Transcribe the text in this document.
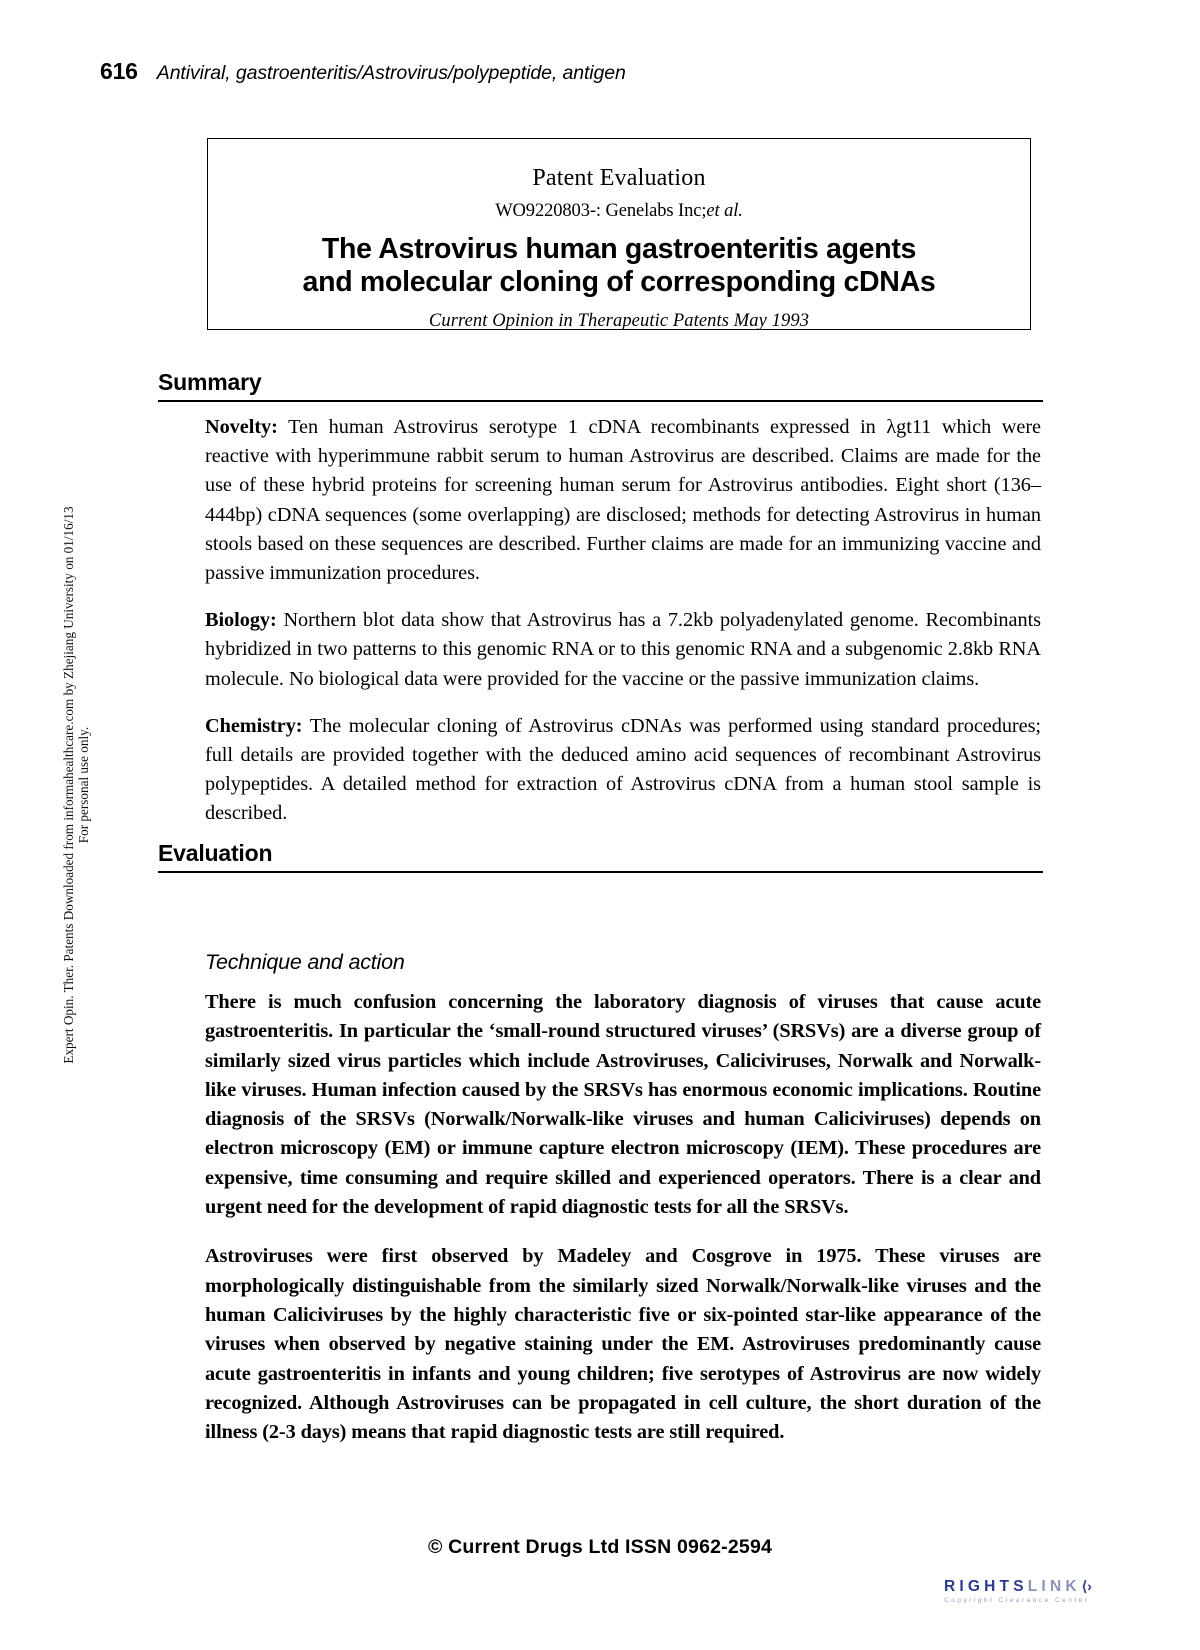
616 Antiviral, gastroenteritis/Astrovirus/polypeptide, antigen
Expert Opin. Ther. Patents Downloaded from informahealthcare.com by Zhejiang University on 01/16/13 For personal use only.
Patent Evaluation
WO9220803-: Genelabs Inc;et al.
The Astrovirus human gastroenteritis agents
and molecular cloning of corresponding cDNAs
Current Opinion in Therapeutic Patents May 1993
Summary

Novelty: Ten human Astrovirus serotype 1 cDNA recombinants expressed in λgt11 which were reactive with hyperimmune rabbit serum to human Astrovirus are described. Claims are made for the use of these hybrid proteins for screening human serum for Astrovirus antibodies. Eight short (136–444bp) cDNA sequences (some overlapping) are disclosed; methods for detecting Astrovirus in human stools based on these sequences are described. Further claims are made for an immunizing vaccine and passive immunization procedures.

Biology: Northern blot data show that Astrovirus has a 7.2kb polyadenylated genome. Recombinants hybridized in two patterns to this genomic RNA or to this genomic RNA and a subgenomic 2.8kb RNA molecule. No biological data were provided for the vaccine or the passive immunization claims.

Chemistry: The molecular cloning of Astrovirus cDNAs was performed using standard procedures; full details are provided together with the deduced amino acid sequences of recombinant Astrovirus polypeptides. A detailed method for extraction of Astrovirus cDNA from a human stool sample is described.

Evaluation
Technique and action

There is much confusion concerning the laboratory diagnosis of viruses that cause acute gastroenteritis. In particular the ‘small-round structured viruses’ (SRSVs) are a diverse group of similarly sized virus particles which include Astroviruses, Caliciviruses, Norwalk and Norwalk-like viruses. Human infection caused by the SRSVs has enormous economic implications. Routine diagnosis of the SRSVs (Norwalk/Norwalk-like viruses and human Caliciviruses) depends on electron microscopy (EM) or immune capture electron microscopy (IEM). These procedures are expensive, time consuming and require skilled and experienced operators. There is a clear and urgent need for the development of rapid diagnostic tests for all the SRSVs.

Astroviruses were first observed by Madeley and Cosgrove in 1975. These viruses are morphologically distinguishable from the similarly sized Norwalk/Norwalk-like viruses and the human Caliciviruses by the highly characteristic five or six-pointed star-like appearance of the viruses when observed by negative staining under the EM. Astroviruses predominantly cause acute gastroenteritis in infants and young children; five serotypes of Astrovirus are now widely recognized. Although Astroviruses can be propagated in cell culture, the short duration of the illness (2-3 days) means that rapid diagnostic tests are still required.

© Current Drugs Ltd ISSN 0962-2594
RIGHTS LINK ⟨›
Copyright Clearance Center
